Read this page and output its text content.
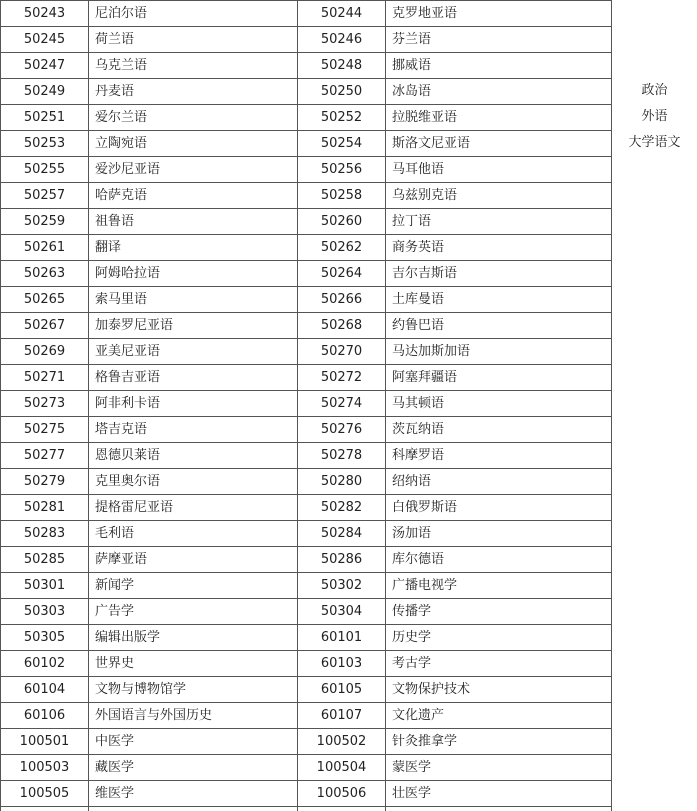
50243	尼泊尔语	50244	克罗地亚语
50245	荷兰语	50246	芬兰语
50247	乌克兰语	50248	挪威语
50249	丹麦语	50250	冰岛语
50251	爱尔兰语	50252	拉脱维亚语
50253	立陶宛语	50254	斯洛文尼亚语
50255	爱沙尼亚语	50256	马耳他语
50257	哈萨克语	50258	乌兹别克语
50259	祖鲁语	50260	拉丁语
50261	翻译	50262	商务英语
50263	阿姆哈拉语	50264	吉尔吉斯语
50265	索马里语	50266	土库曼语
50267	加泰罗尼亚语	50268	约鲁巴语
50269	亚美尼亚语	50270	马达加斯加语
50271	格鲁吉亚语	50272	阿塞拜疆语
50273	阿非利卡语	50274	马其顿语
50275	塔吉克语	50276	茨瓦纳语
50277	恩德贝莱语	50278	科摩罗语
50279	克里奥尔语	50280	绍纳语
50281	提格雷尼亚语	50282	白俄罗斯语
50283	毛利语	50284	汤加语
50285	萨摩亚语	50286	库尔德语
50301	新闻学	50302	广播电视学
50303	广告学	50304	传播学
50305	编辑出版学	60101	历史学
60102	世界史	60103	考古学
60104	文物与博物馆学	60105	文物保护技术
60106	外国语言与外国历史	60107	文化遗产
100501	中医学	100502	针灸推拿学
100503	藏医学	100504	蒙医学
100505	维医学	100506	壮医学

政治
外语
大学语文
